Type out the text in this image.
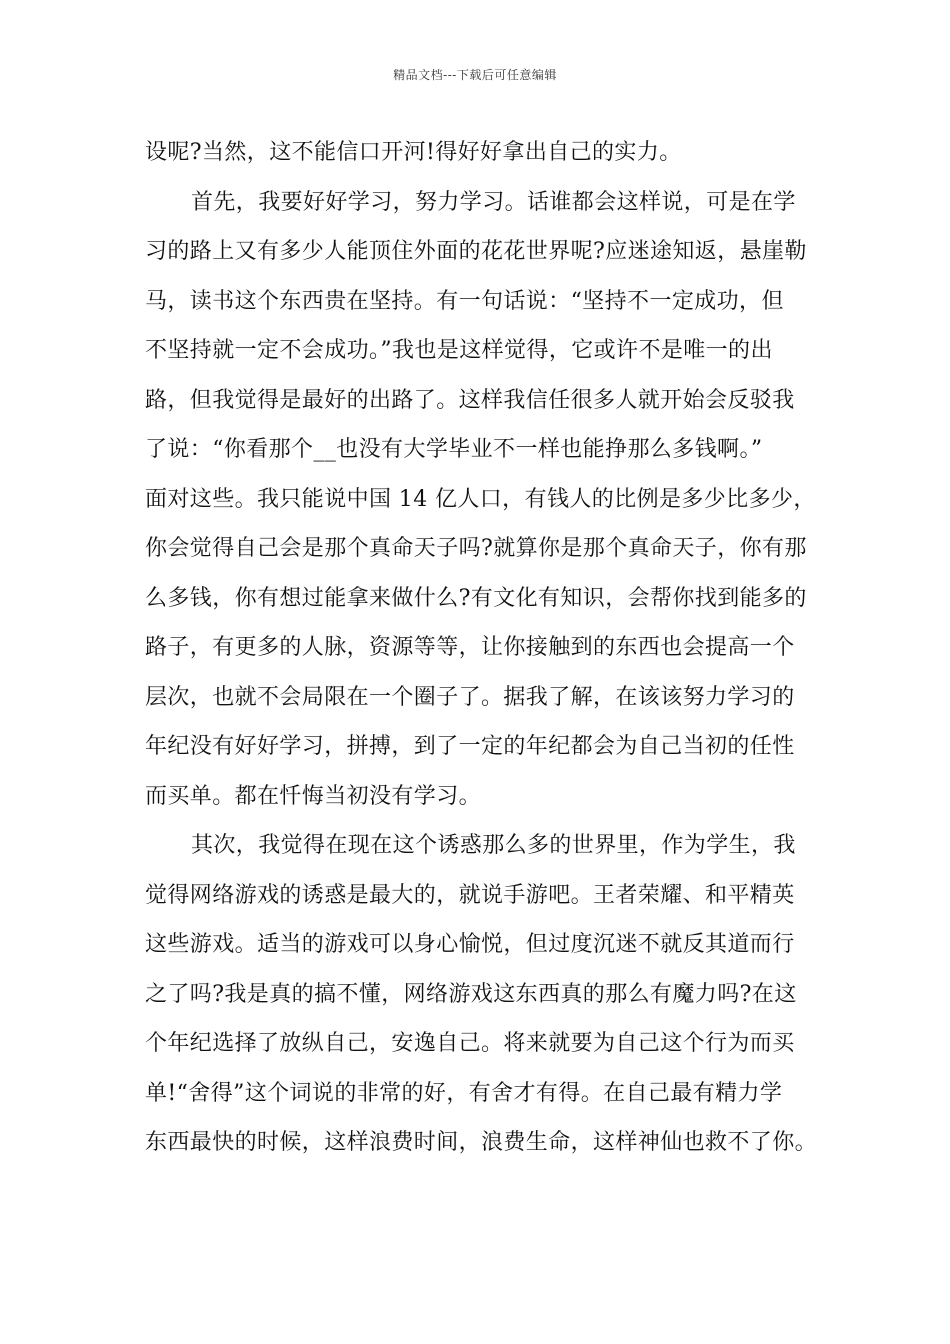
精品文档---下载后可任意编辑
设呢?当然，这不能信口开河!得好好拿出自己的实力。
首先，我要好好学习，努力学习。话谁都会这样说，可是在学
习的路上又有多少人能顶住外面的花花世界呢?应迷途知返，悬崖勒
马，读书这个东西贵在坚持。有一句话说：“坚持不一定成功，但
不坚持就一定不会成功。”我也是这样觉得，它或许不是唯一的出
路，但我觉得是最好的出路了。这样我信任很多人就开始会反驳我
了说：“你看那个__也没有大学毕业不一样也能挣那么多钱啊。”
面对这些。我只能说中国 14 亿人口，有钱人的比例是多少比多少，
你会觉得自己会是那个真命天子吗?就算你是那个真命天子，你有那
么多钱，你有想过能拿来做什么?有文化有知识，会帮你找到能多的
路子，有更多的人脉，资源等等，让你接触到的东西也会提高一个
层次，也就不会局限在一个圈子了。据我了解，在该该努力学习的
年纪没有好好学习，拼搏，到了一定的年纪都会为自己当初的任性
而买单。都在忏悔当初没有学习。
其次，我觉得在现在这个诱惑那么多的世界里，作为学生，我
觉得网络游戏的诱惑是最大的，就说手游吧。王者荣耀、和平精英
这些游戏。适当的游戏可以身心愉悦，但过度沉迷不就反其道而行
之了吗?我是真的搞不懂，网络游戏这东西真的那么有魔力吗?在这
个年纪选择了放纵自己，安逸自己。将来就要为自己这个行为而买
单!“舍得”这个词说的非常的好，有舍才有得。在自己最有精力学
东西最快的时候，这样浪费时间，浪费生命，这样神仙也救不了你。
